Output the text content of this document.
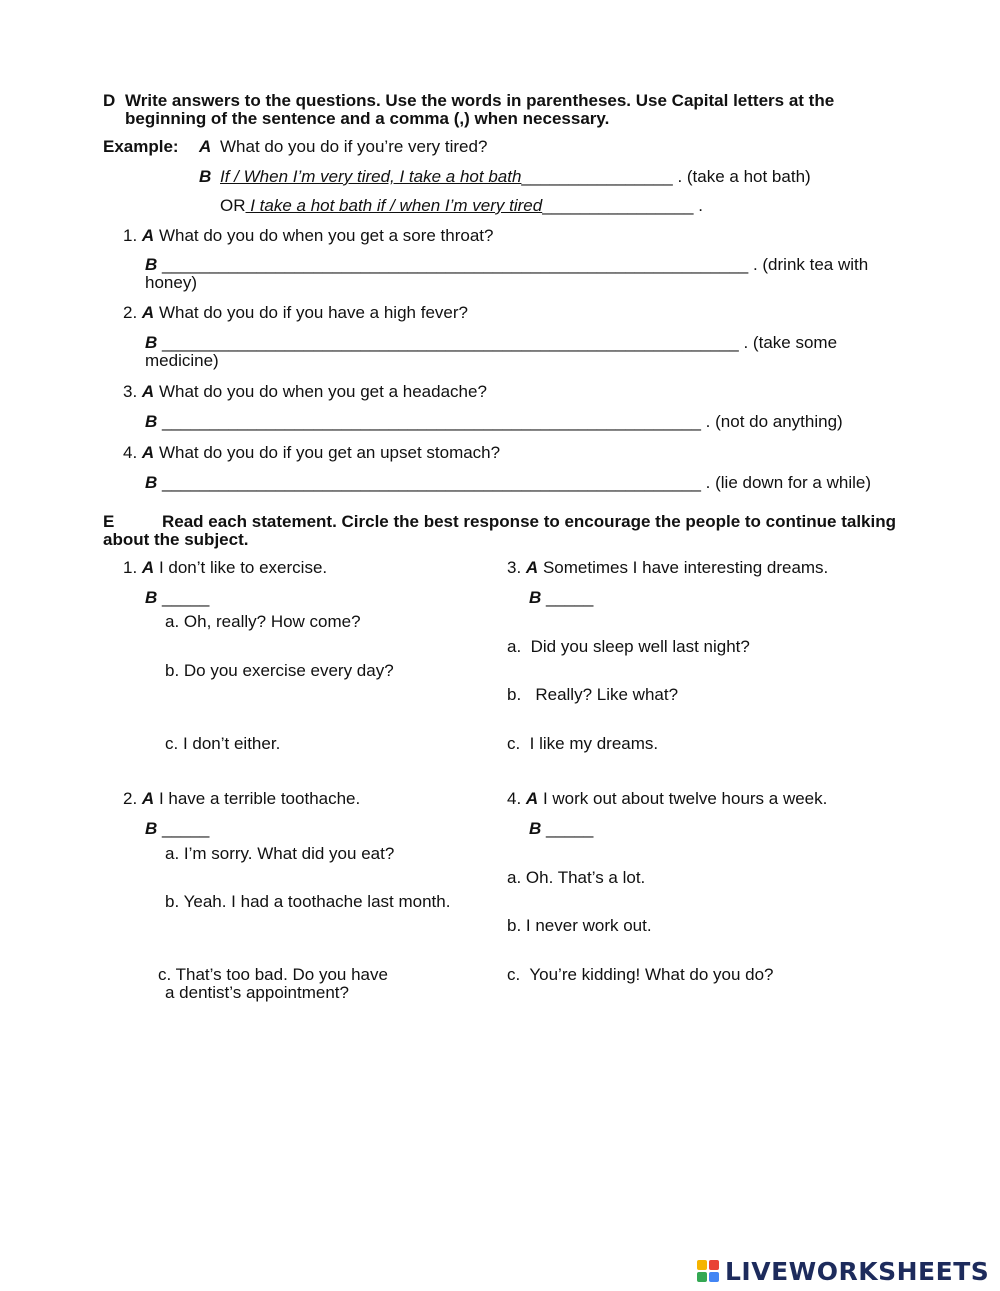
D Write answers to the questions. Use the words in parentheses. Use Capital letters at the
beginning of the sentence and a comma (,) when necessary.
Example: A What do you do if you’re very tired?
B If / When I’m very tired, I take a hot bath________________ . (take a hot bath)
OR I take a hot bath if / when I’m very tired________________ .
1. A What do you do when you get a sore throat?
B ______________________________________________________________ . (drink tea with
honey)
2. A What do you do if you have a high fever?
B _____________________________________________________________ . (take some
medicine)
3. A What do you do when you get a headache?
B _________________________________________________________ . (not do anything)
4. A What do you do if you get an upset stomach?
B _________________________________________________________ . (lie down for a while)
E	Read each statement. Circle the best response to encourage the people to continue talking
about the subject.
1. A I don’t like to exercise.
B _____
a. Oh, really? How come?
b. Do you exercise every day?
c. I don’t either.
3. A Sometimes I have interesting dreams.
B _____
a.  Did you sleep well last night?
b.   Really? Like what?
c.  I like my dreams.
2. A I have a terrible toothache.
B _____
a. I’m sorry. What did you eat?
b. Yeah. I had a toothache last month.
c. That’s too bad. Do you have
a dentist’s appointment?
4. A I work out about twelve hours a week.
B _____
a. Oh. That’s a lot.
b. I never work out.
c.  You’re kidding! What do you do?
LIVEWORKSHEETS
